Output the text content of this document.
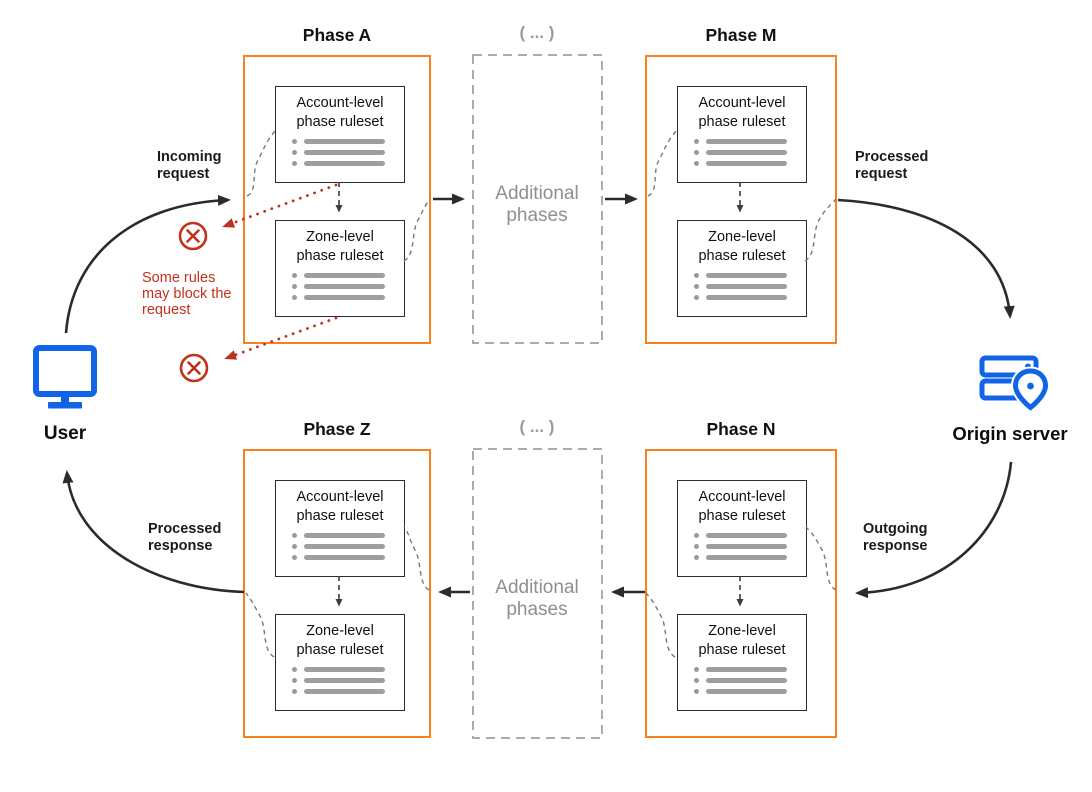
Phase A
Account-level phase ruleset
Zone-level phase ruleset
Phase M
Account-level phase ruleset
Zone-level phase ruleset
Phase Z
Account-level phase ruleset
Zone-level phase ruleset
Phase N
Account-level phase ruleset
Zone-level phase ruleset
( ... )
Additional phases
( ... )
Additional phases
Incoming request
Processed request
Outgoing response
Processed response
Some rules may block the request
User	Origin server
